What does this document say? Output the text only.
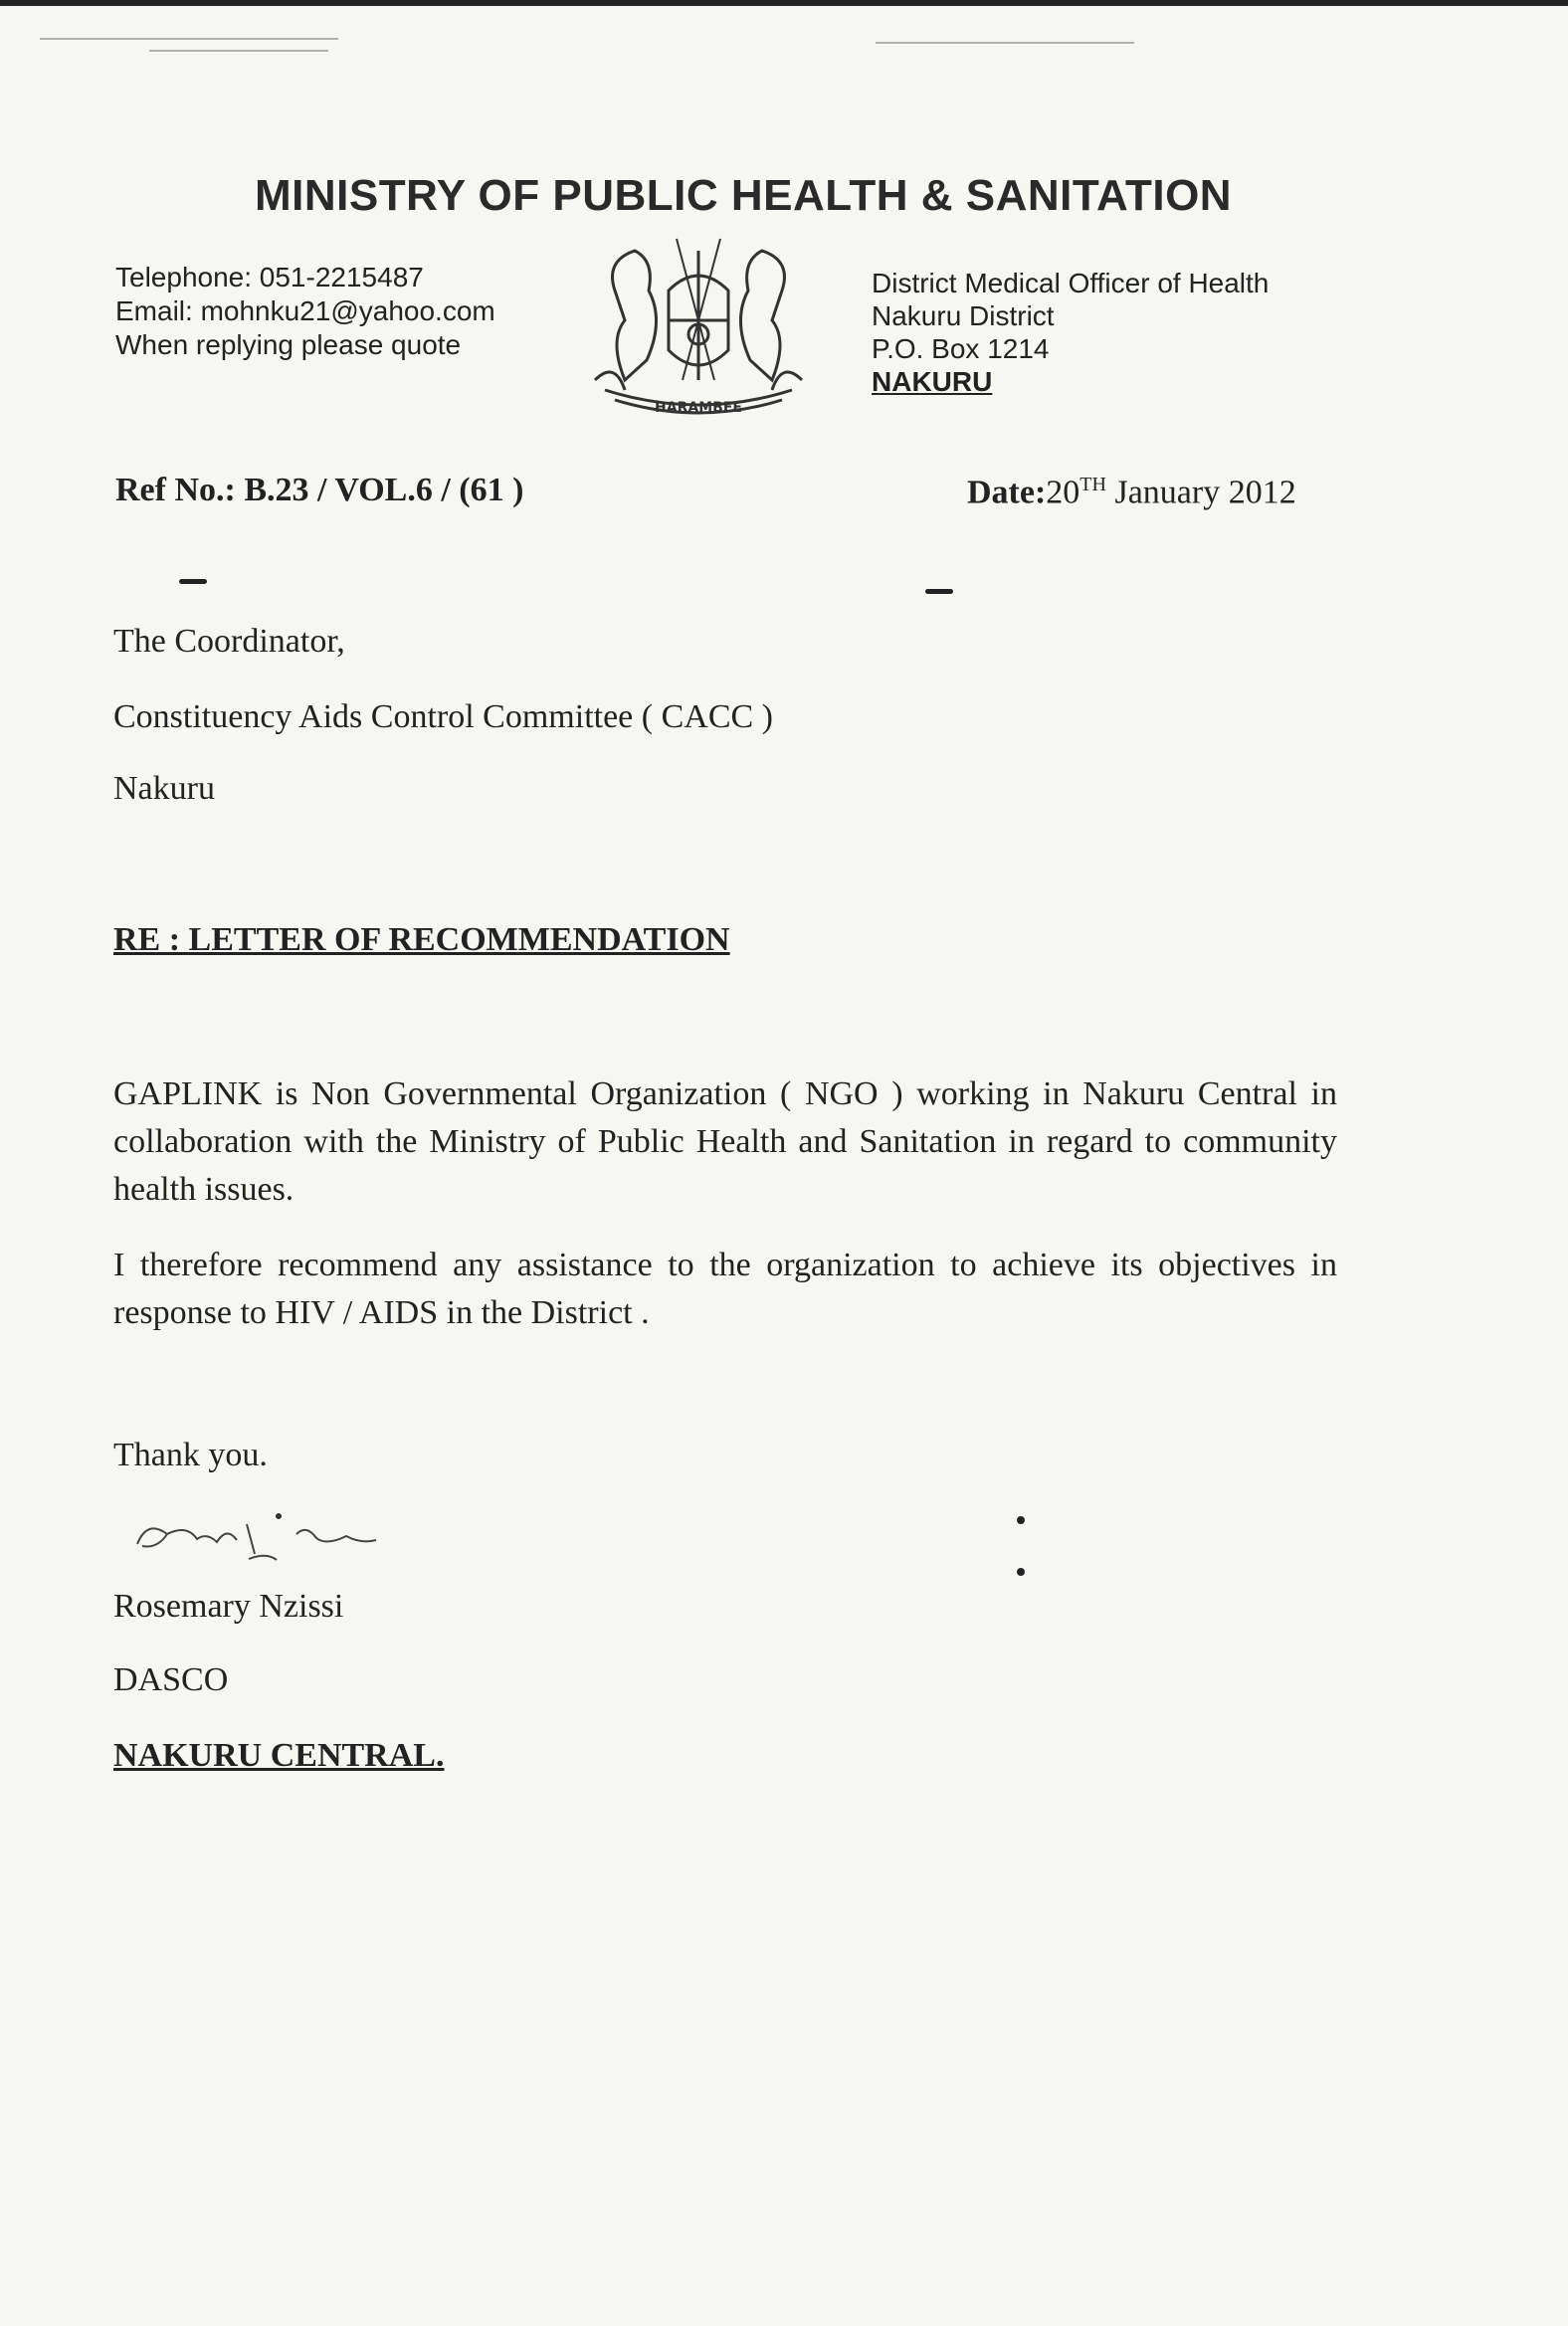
MINISTRY OF PUBLIC HEALTH & SANITATION
Telephone: 051-2215487
Email: mohnku21@yahoo.com
When replying please quote
HARAMBEE
District Medical Officer of Health
Nakuru District
P.O. Box 1214
NAKURU
Ref No.: B.23 / VOL.6 / (61 )	Date:20TH January 2012
The Coordinator,
Constituency Aids Control Committee ( CACC )
Nakuru
RE : LETTER OF RECOMMENDATION
GAPLINK is Non Governmental Organization ( NGO ) working in Nakuru Central in collaboration with the Ministry of Public Health and Sanitation in regard to community health issues.
I therefore recommend any assistance to the organization to achieve its objectives in response to HIV / AIDS in the District .
Thank you.
Rosemary Nzissi
DASCO
NAKURU CENTRAL.
